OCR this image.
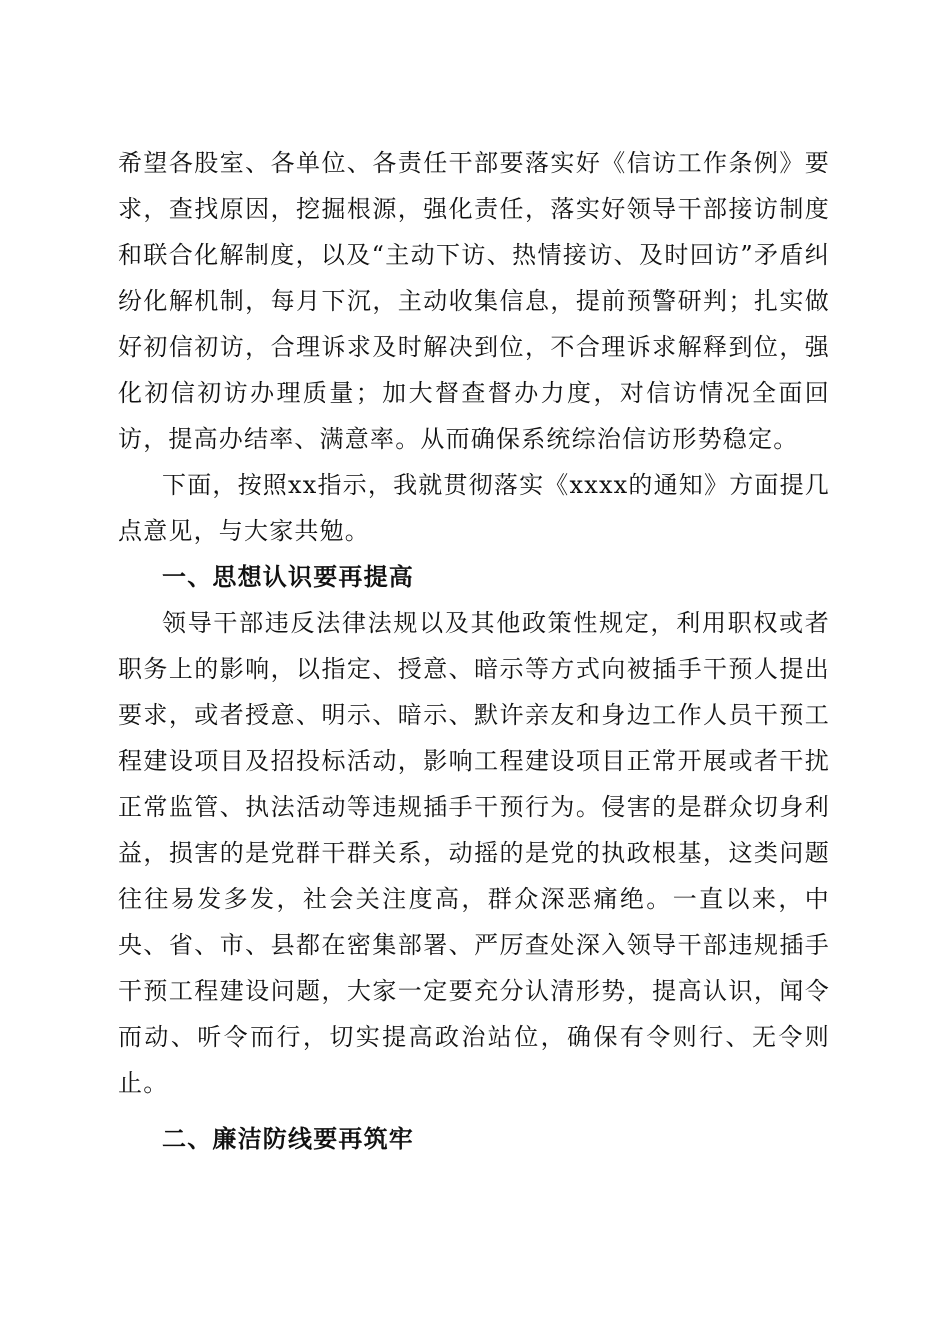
希望各股室、各单位、各责任干部要落实好《信访工作条例》要求，查找原因，挖掘根源，强化责任，落实好领导干部接访制度和联合化解制度，以及“主动下访、热情接访、及时回访”矛盾纠纷化解机制，每月下沉，主动收集信息，提前预警研判；扎实做好初信初访，合理诉求及时解决到位，不合理诉求解释到位，强化初信初访办理质量；加大督查督办力度，对信访情况全面回访，提高办结率、满意率。从而确保系统综治信访形势稳定。

下面，按照xx指示，我就贯彻落实《xxxx的通知》方面提几点意见，与大家共勉。

一、思想认识要再提高

领导干部违反法律法规以及其他政策性规定，利用职权或者职务上的影响，以指定、授意、暗示等方式向被插手干预人提出要求，或者授意、明示、暗示、默许亲友和身边工作人员干预工程建设项目及招投标活动，影响工程建设项目正常开展或者干扰正常监管、执法活动等违规插手干预行为。侵害的是群众切身利益，损害的是党群干群关系，动摇的是党的执政根基，这类问题往往易发多发，社会关注度高，群众深恶痛绝。一直以来，中央、省、市、县都在密集部署、严厉查处深入领导干部违规插手干预工程建设问题，大家一定要充分认清形势，提高认识，闻令而动、听令而行，切实提高政治站位，确保有令则行、无令则止。

二、廉洁防线要再筑牢
